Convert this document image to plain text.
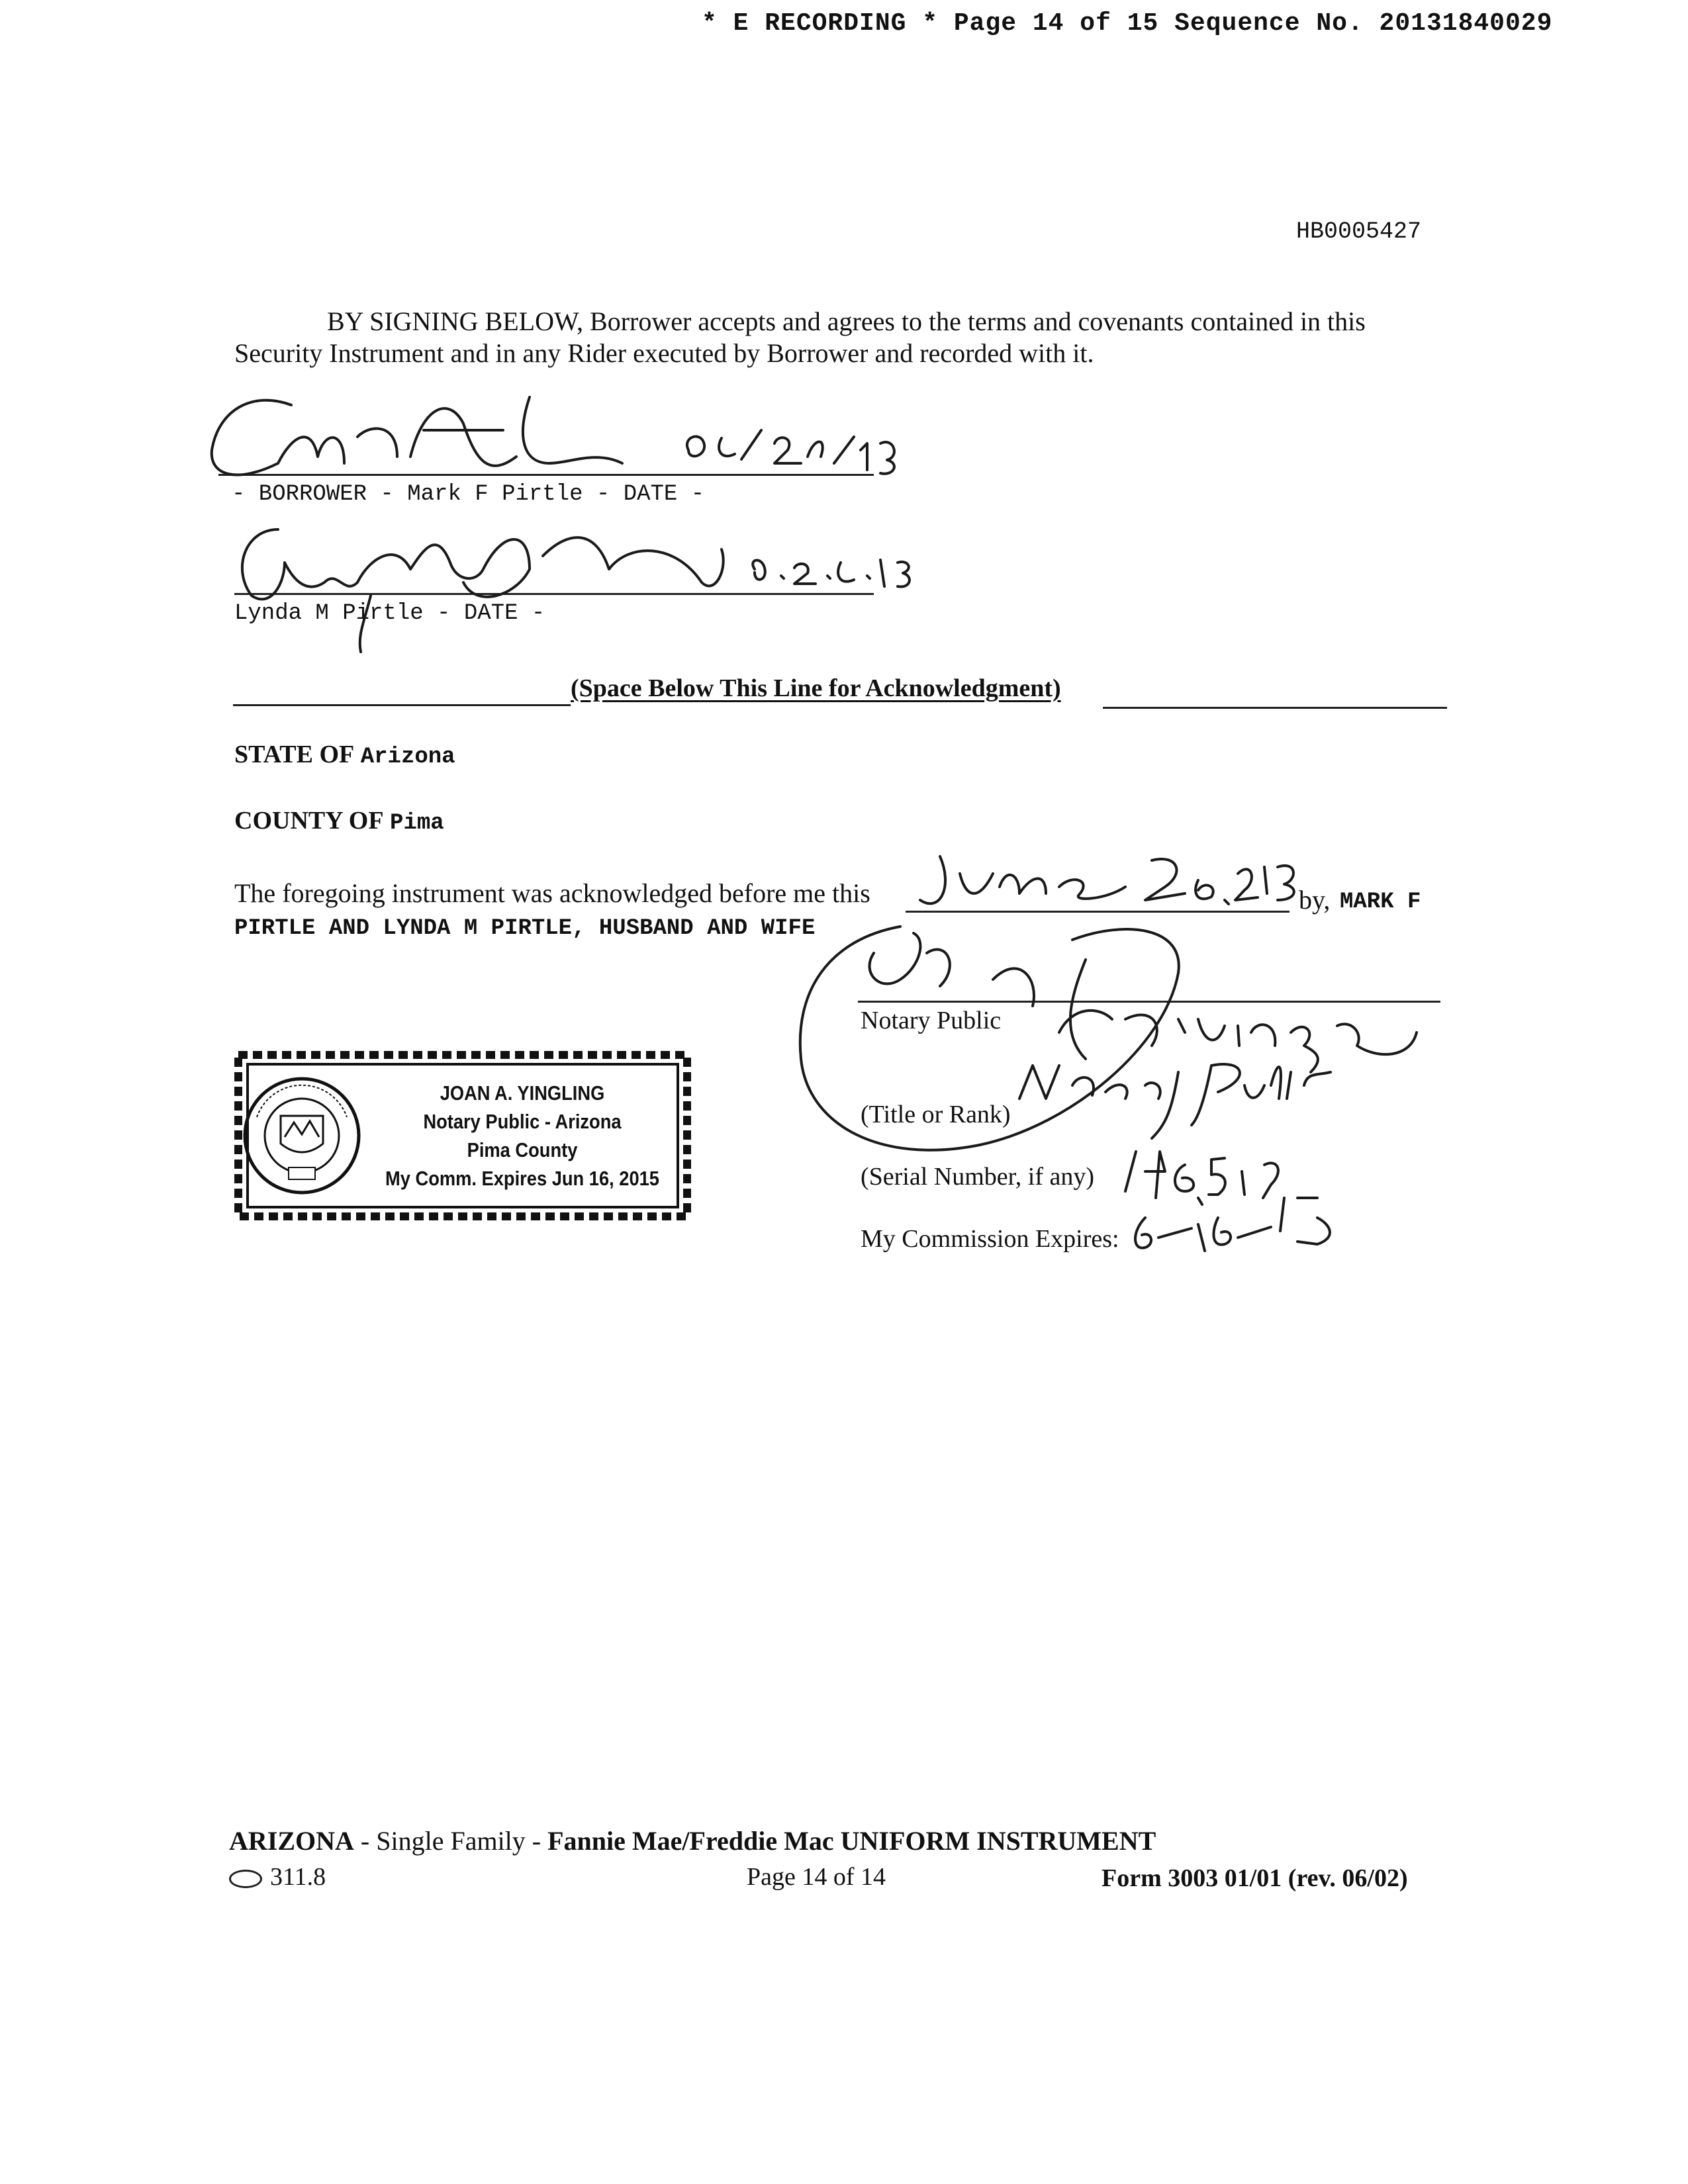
* E RECORDING * Page 14 of 15 Sequence No. 20131840029
HB0005427
BY SIGNING BELOW, Borrower accepts and agrees to the terms and covenants contained in this
Security Instrument and in any Rider executed by Borrower and recorded with it.
- BORROWER - Mark F Pirtle - DATE -
Lynda M Pirtle - DATE -
(Space Below This Line for Acknowledgment)
STATE OF Arizona
COUNTY OF Pima
The foregoing instrument was acknowledged before me this	by, MARK F
PIRTLE AND LYNDA M PIRTLE, HUSBAND AND WIFE
Notary Public
(Title or Rank)
(Serial Number, if any)
My Commission Expires:
JOAN A. YINGLING
Notary Public - Arizona
Pima County
My Comm. Expires Jun 16, 2015
ARIZONA - Single Family - Fannie Mae/Freddie Mac UNIFORM INSTRUMENT
311.8	Page 14 of 14	Form 3003 01/01 (rev. 06/02)
